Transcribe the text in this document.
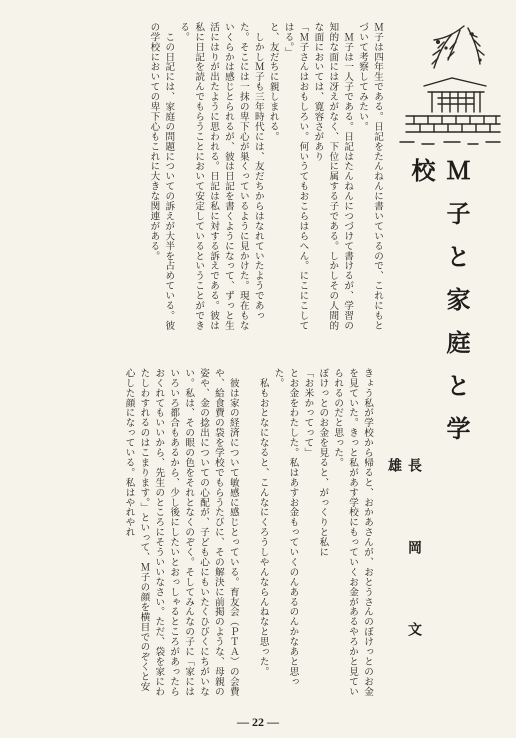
Ｍ子は四年生である。日記をたんねんに書いているので、これにもとづいて考察してみたい。
　Ｍ子は一人子である。日記はたんねんにつづけて書けるが、学習の知的な面には冴えがなく、下位に属する子である。しかしその人間的な面においては、寛容さがあり
「Ｍ子さんはおもしろい。何いうてもおこらはらへん。にこにこしてはる。」
と、友だちに親しまれる。
　しかしＭ子も三年時代には、友だちからはなれていたようであった。そこには一抹の卑下心が巣くっているように見かけた。現在もないくらかは感じとられるが、彼は日記を書くようになって、ずっと生活にはりが出たように思われる。日記は私に対する訴えである。彼は私に日記を読んでもらうことにおいて安定しているということができる。
　この日記には、家庭の問題についての訴えが大半を占めている。彼の学校においての卑下心もこれに大きな関連がある。
きょう私が学校から帰ると、おかあさんが、おとうさんのぼけっとのお金を見ていた。きっと私があす学校にもっていくお金があるやろかと見ていられるのだと思った。
ぼけっとのお金を見ると、がっくりと私に
「お米かってって」
とお金をわたした。私はあすお金もっていくのんあるのんかなあと思った。
　私もおとなになると、こんなにくろうしやんならんねなと思った。

　彼は家の経済について敏感に感じとっている。育友会（ＰＴＡ）の会費や、給食費の袋を学校でもらうたびに、その解決に前掲のような、母親の姿や、金の捻出についての心配が、子ども心にもいたくひびくにちがいない。私は、その眼の色をそれとなくのぞく。そしてみんなの子に「家にはいろいろ都合もあるから、少し後にしたいとおっしゃるところがあったらおくれてもいいから、先生のところにそういいなさい。ただ、袋を家にわたしわすれるのはこまります。」といって、Ｍ子の顔を横目でのぞくと安心した顔になっている。私はやれやれ	Ｍ子と家庭と学校
長　岡　文　雄
― 22 ―
